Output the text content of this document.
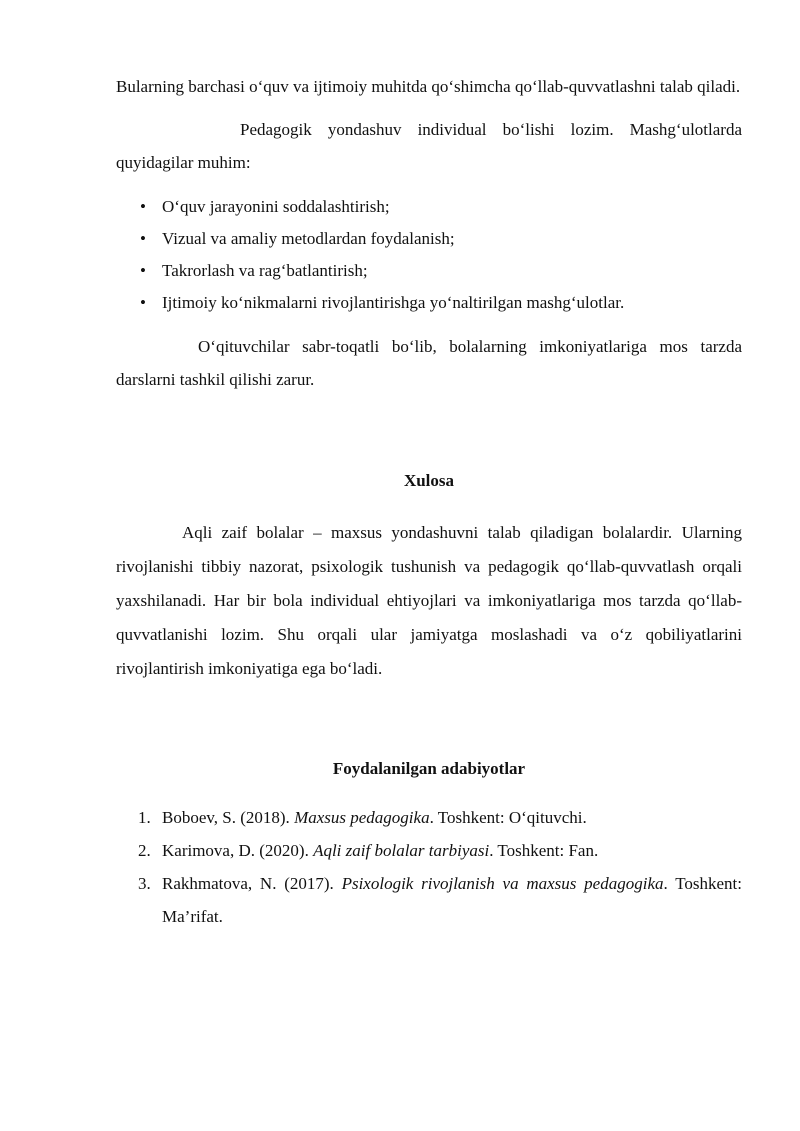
Bularning barchasi o‘quv va ijtimoiy muhitda qo‘shimcha qo‘llab-quvvatlashni talab qiladi.

Pedagogik yondashuv individual bo‘lishi lozim. Mashg‘ulotlarda quyidagilar muhim:

• O‘quv jarayonini soddalashtirish;
• Vizual va amaliy metodlardan foydalanish;
• Takrorlash va rag‘batlantirish;
• Ijtimoiy ko‘nikmalarni rivojlantirishga yo‘naltirilgan mashg‘ulotlar.

O‘qituvchilar sabr-toqatli bo‘lib, bolalarning imkoniyatlariga mos tarzda darslarni tashkil qilishi zarur.

Xulosa

Aqli zaif bolalar – maxsus yondashuvni talab qiladigan bolalardir. Ularning rivojlanishi tibbiy nazorat, psixologik tushunish va pedagogik qo‘llab-quvvatlash orqali yaxshilanadi. Har bir bola individual ehtiyojlari va imkoniyatlariga mos tarzda qo‘llab-quvvatlanishi lozim. Shu orqali ular jamiyatga moslashadi va o‘z qobiliyatlarini rivojlantirish imkoniyatiga ega bo‘ladi.

Foydalanilgan adabiyotlar
1. Boboev, S. (2018). Maxsus pedagogika. Toshkent: O‘qituvchi.
2. Karimova, D. (2020). Aqli zaif bolalar tarbiyasi. Toshkent: Fan.
3. Rakhmatova, N. (2017). Psixologik rivojlanish va maxsus pedagogika. Toshkent: Ma’rifat.
